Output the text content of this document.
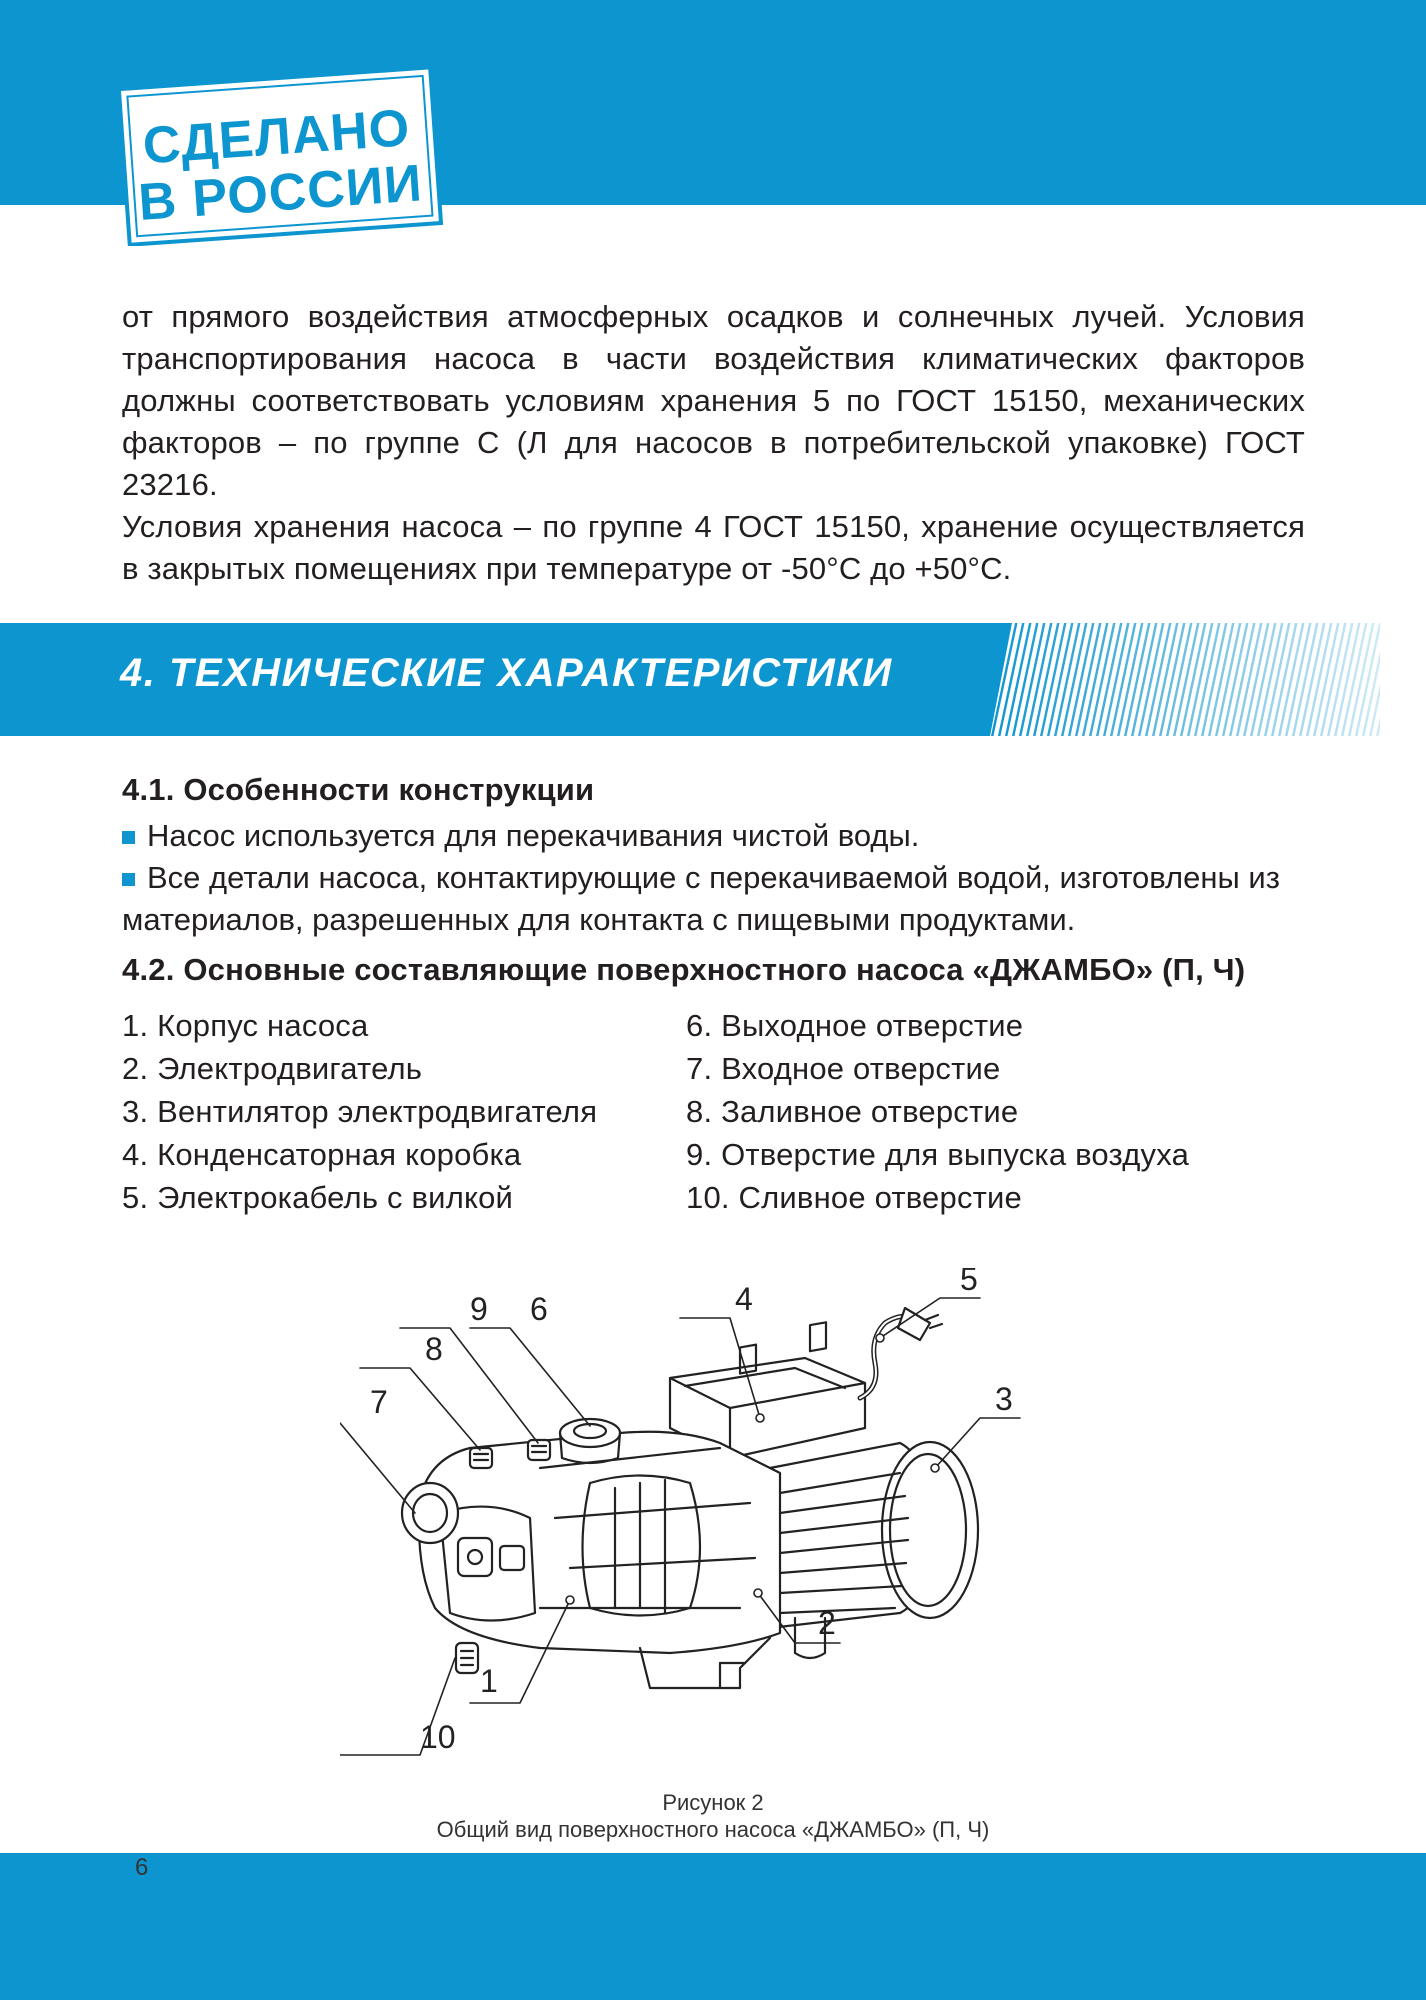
СДЕЛАНО
В РОССИИ

от прямого воздействия атмосферных осадков и солнечных лучей. Условия транспортирования насоса в части воздействия климатических факторов должны соответствовать условиям хранения 5 по ГОСТ 15150, механических факторов – по группе С (Л для насосов в потребительской упаковке) ГОСТ 23216.

Условия хранения насоса – по группе 4 ГОСТ 15150, хранение осуществляется в закрытых помещениях при температуре от -50°С до +50°С.

4. ТЕХНИЧЕСКИЕ ХАРАКТЕРИСТИКИ
4.1. Особенности конструкции
Насос используется для перекачивания чистой воды.
Все детали насоса, контактирующие с перекачиваемой водой, изготовлены из материалов, разрешенных для контакта с пищевыми продуктами.
4.2. Основные составляющие поверхностного насоса «ДЖАМБО» (П, Ч)
1. Корпус насоса
2. Электродвигатель
3. Вентилятор электродвигателя
4. Конденсаторная коробка
5. Электрокабель с вилкой
6. Выходное отверстие
7. Входное отверстие
8. Заливное отверстие
9. Отверстие для выпуска воздуха
10. Сливное отверстие
1
2
3
4
5
6
7
8
9
10

Рисунок 2

Общий вид поверхностного насоса «ДЖАМБО» (П, Ч)

6
